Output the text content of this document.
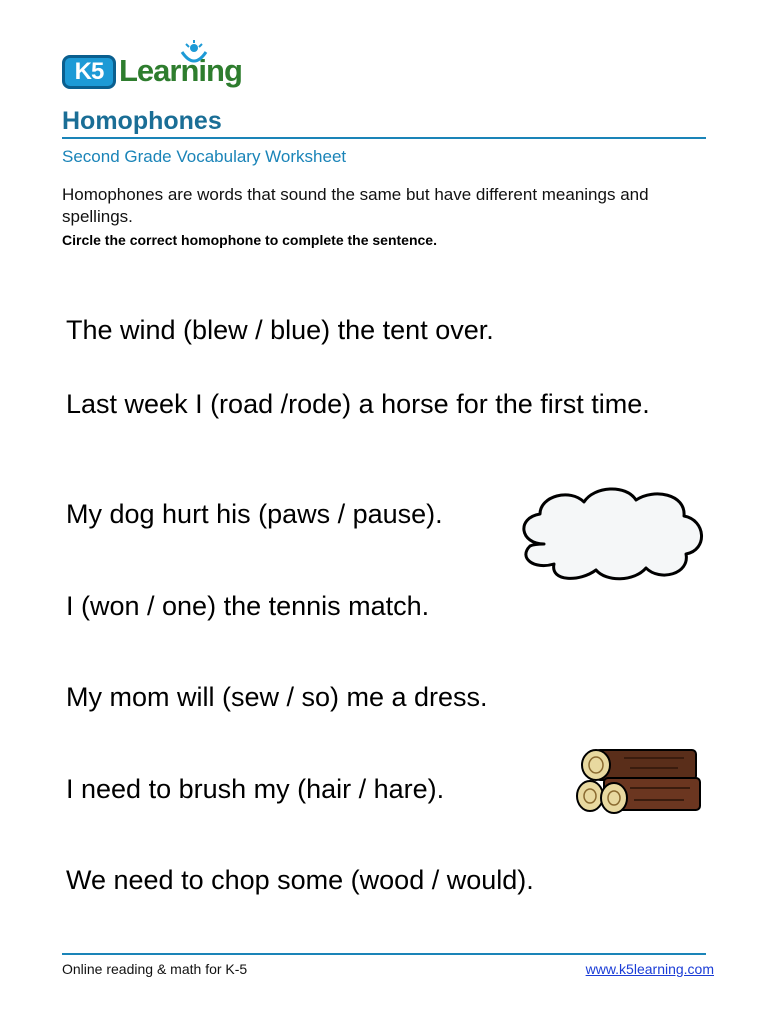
K5 Learning
Homophones
Second Grade Vocabulary Worksheet
Homophones are words that sound the same but have different meanings and spellings.
Circle the correct homophone to complete the sentence.
The wind (blew / blue) the tent over.
Last week I (road /rode) a horse for the first time.
My dog hurt his (paws / pause).
I (won / one) the tennis match.
My mom will (sew / so) me a dress.
I need to brush my (hair / hare).
We need to chop some (wood / would).
Online reading & math for K-5	www.k5learning.com
